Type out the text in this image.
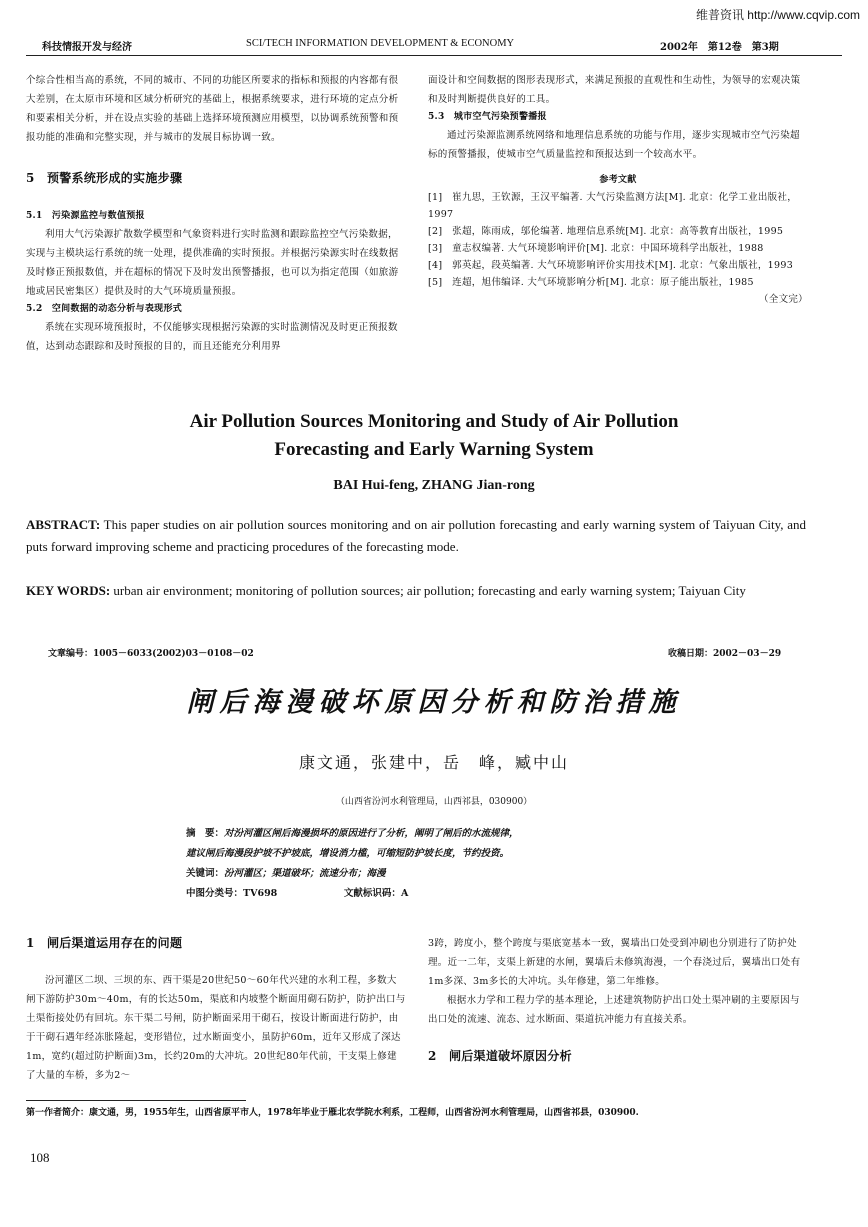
维普资讯 http://www.cqvip.com
科技情报开发与经济	SCI/TECH INFORMATION DEVELOPMENT & ECONOMY	2002年　第12卷　第3期

个综合性相当高的系统，不同的城市、不同的功能区所要求的指标和预报的内容都有很大差别，在太原市环境和区域分析研究的基础上，根据系统要求，进行环境的定点分析和要素相关分析，并在设点实验的基础上选择环境预测应用模型，以协调系统预警和预报功能的准确和完整实现，并与城市的发展目标协调一致。

5　预警系统形成的实施步骤

5.1　污染源监控与数值预报

利用大气污染源扩散数学模型和气象资料进行实时监测和跟踪监控空气污染数据，实现与主模块运行系统的统一处理，提供准确的实时预报。并根据污染源实时在线数据及时修正预报数值，并在超标的情况下及时发出预警播报，也可以为指定范围（如旅游地或居民密集区）提供及时的大气环境质量预报。

5.2　空间数据的动态分析与表现形式

系统在实现环境预报时，不仅能够实现根据污染源的实时监测情况及时更正预报数值，达到动态跟踪和及时预报的目的，而且还能充分利用界

面设计和空间数据的图形表现形式，来满足预报的直观性和生动性，为领导的宏观决策和及时判断提供良好的工具。

5.3　城市空气污染预警播报

通过污染源监测系统网络和地理信息系统的功能与作用，逐步实现城市空气污染超标的预警播报，使城市空气质量监控和预报达到一个较高水平。

参考文献

[1]　崔九思，王钦源，王汉平编著. 大气污染监测方法[M]. 北京：化学工业出版社，1997

[2]　张超，陈雨成，邬伦编著. 地理信息系统[M]. 北京：高等教育出版社，1995

[3]　童志权编著. 大气环境影响评价[M]. 北京：中国环境科学出版社，1988

[4]　郭英起，段英编著. 大气环境影响评价实用技术[M]. 北京：气象出版社，1993

[5]　连超，旭伟编译. 大气环境影响分析[M]. 北京：原子能出版社，1985

（全文完）

Air Pollution Sources Monitoring and Study of Air Pollution
Forecasting and Early Warning System
BAI Hui-feng, ZHANG Jian-rong
ABSTRACT: This paper studies on air pollution sources monitoring and on air pollution forecasting and early warning system of Taiyuan City, and puts forward improving scheme and practicing procedures of the forecasting mode.
KEY WORDS: urban air environment; monitoring of pollution sources; air pollution; forecasting and early warning system; Taiyuan City
文章编号：1005－6033(2002)03－0108－02	收稿日期：2002－03－29
闸后海漫破坏原因分析和防治措施
康文通，张建中，岳　峰，臧中山
（山西省汾河水利管理局，山西祁县，030900）
摘　要：对汾河灌区闸后海漫损坏的原因进行了分析，阐明了闸后的水流规律，
建议闸后海漫段护坡不护坡底，增设消力槛，可缩短防护坡长度，节约投资。
关键词：汾河灌区；渠道破坏；流速分布；海漫
中图分类号：TV698	文献标识码：A

1　闸后渠道运用存在的问题

汾河灌区二坝、三坝的东、西干渠是20世纪50～60年代兴建的水利工程，多数大闸下游防护30m～40m，有的长达50m，渠底和内坡整个断面用砌石防护，防护出口与土渠衔接处仍有回坑。东干渠二号闸，防护断面采用干砌石，按设计断面进行防护，由于干砌石遇年经冻胀隆起，变形错位，过水断面变小，虽防护60m，近年又形成了深达1m，宽约(超过防护断面)3m，长约20m的大冲坑。20世纪80年代前，干支渠上修建了大量的车桥，多为2～

3跨，跨度小，整个跨度与渠底宽基本一致，翼墙出口处受到冲刷也分别进行了防护处理。近一二年，支渠上新建的水闸，翼墙后未修筑海漫，一个春浇过后，翼墙出口处有1m多深、3m多长的大冲坑。头年修建，第二年维修。

根据水力学和工程力学的基本理论，上述建筑物防护出口处土渠冲刷的主要原因与出口处的流速、流态、过水断面、渠道抗冲能力有直接关系。

2　闸后渠道破坏原因分析

第一作者简介：康文通，男，1955年生，山西省原平市人，1978年毕业于雁北农学院水利系，工程师，山西省汾河水利管理局，山西省祁县，030900.
108
